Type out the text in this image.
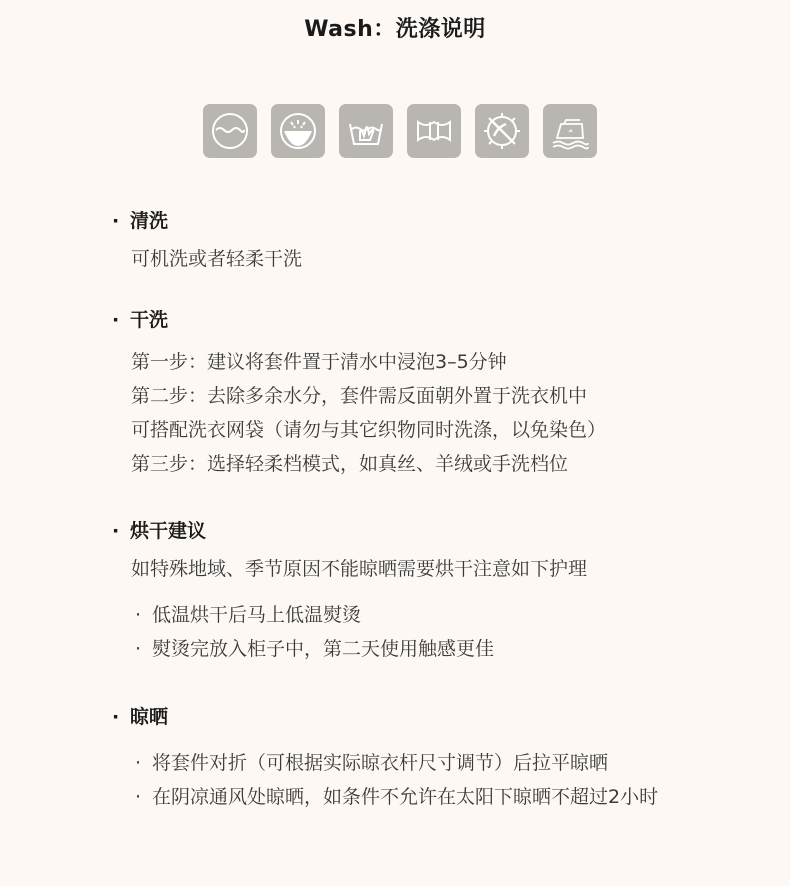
Wash：洗涤说明
· 清洗
可机洗或者轻柔干洗
· 干洗
第一步：建议将套件置于清水中浸泡3–5分钟
第二步：去除多余水分，套件需反面朝外置于洗衣机中
可搭配洗衣网袋（请勿与其它织物同时洗涤，以免染色）
第三步：选择轻柔档模式，如真丝、羊绒或手洗档位
· 烘干建议
如特殊地域、季节原因不能晾晒需要烘干注意如下护理
· 低温烘干后马上低温熨烫
· 熨烫完放入柜子中，第二天使用触感更佳
· 晾晒
· 将套件对折（可根据实际晾衣杆尺寸调节）后拉平晾晒
· 在阴凉通风处晾晒，如条件不允许在太阳下晾晒不超过2小时
